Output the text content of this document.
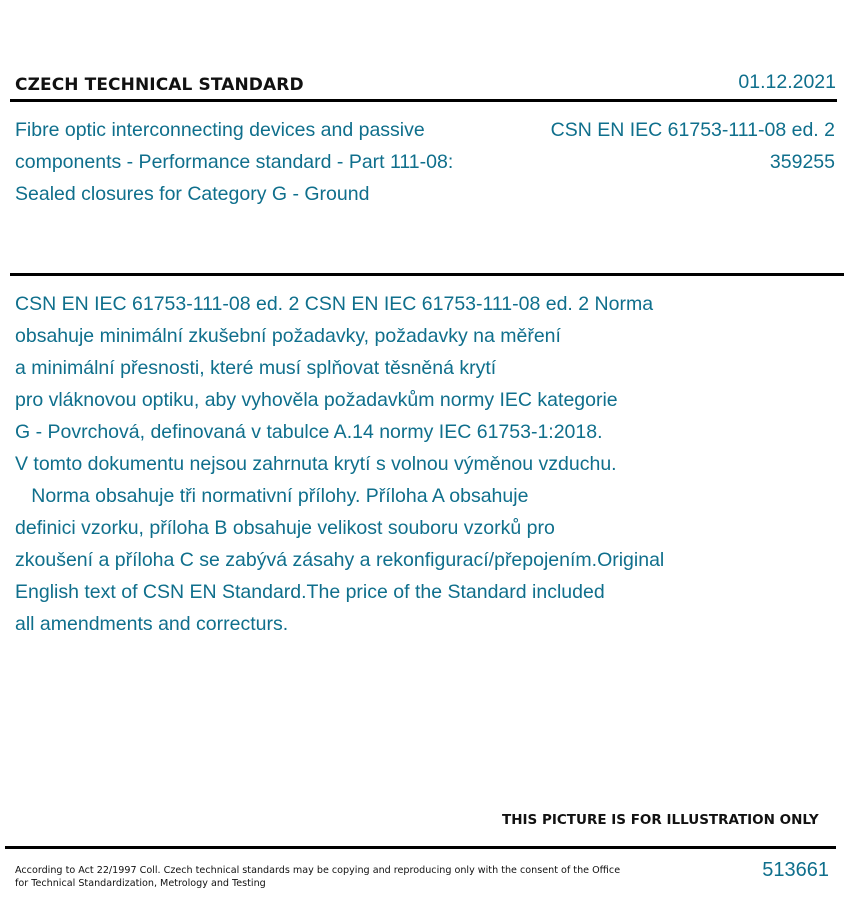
CZECH TECHNICAL STANDARD	01.12.2021
Fibre optic interconnecting devices and passive
components - Performance standard - Part 111-08:
Sealed closures for Category G - Ground
CSN EN IEC 61753-111-08 ed. 2
359255
CSN EN IEC 61753-111-08 ed. 2 CSN EN IEC 61753-111-08 ed. 2 Norma
obsahuje minimální zkušební požadavky, požadavky na měření
a minimální přesnosti, které musí splňovat těsněná krytí
pro vláknovou optiku, aby vyhověla požadavkům normy IEC kategorie
G - Povrchová, definovaná v tabulce A.14 normy IEC 61753-1:2018.
V tomto dokumentu nejsou zahrnuta krytí s volnou výměnou vzduchu.
Norma obsahuje tři normativní přílohy. Příloha A obsahuje
definici vzorku, příloha B obsahuje velikost souboru vzorků pro
zkoušení a příloha C se zabývá zásahy a rekonfigurací/přepojením.Original
English text of CSN EN Standard.The price of the Standard included
all amendments and correcturs.
THIS PICTURE IS FOR ILLUSTRATION ONLY
According to Act 22/1997 Coll. Czech technical standards may be copying and reproducing only with the consent of the Office
for Technical Standardization, Metrology and Testing
513661
